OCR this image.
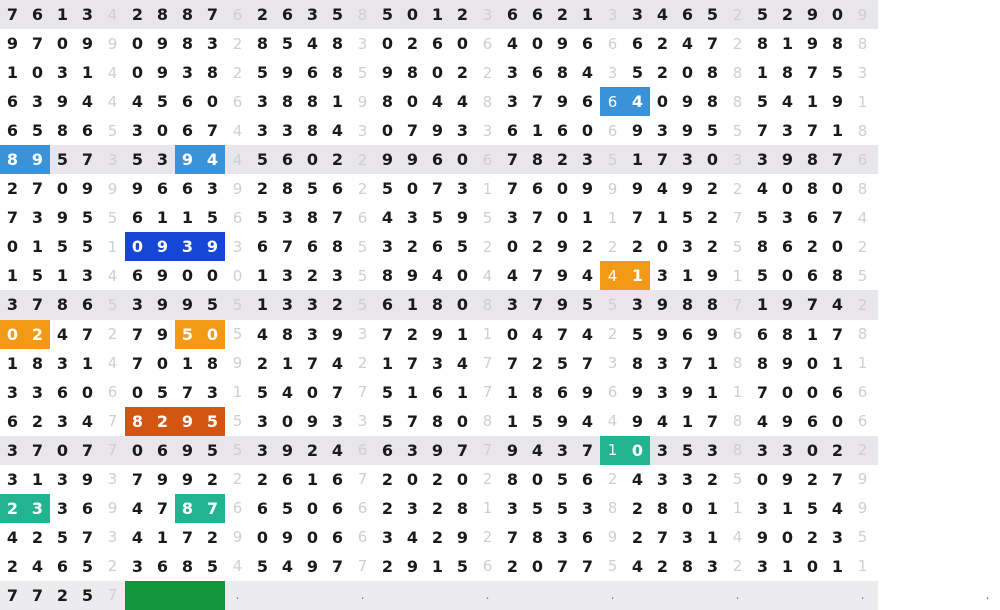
7 6 1 3 4 2 8 8 7 6 2 6 3 5 8 5 0 1 2 3 6 6 2 1 3 3 4 6 5 2 5 2 9 0 9
9 7 0 9 9 0 9 8 3 2 8 5 4 8 3 0 2 6 0 6 4 0 9 6 6 6 2 4 7 2 8 1 9 8 8
1 0 3 1 4 0 9 3 8 2 5 9 6 8 5 9 8 0 2 2 3 6 8 4 3 5 2 0 8 8 1 8 7 5 3
6 3 9 4 4 4 5 6 0 6 3 8 8 1 9 8 0 4 4 8 3 7 9 6 6 4 0 9 8 8 5 4 1 9 1
6 5 8 6 5 3 0 6 7 4 3 3 8 4 3 0 7 9 3 3 6 1 6 0 6 9 3 9 5 5 7 3 7 1 8
8 9 5 7 3 5 3 9 4 4 5 6 0 2 2 9 9 6 0 6 7 8 2 3 5 1 7 3 0 3 3 9 8 7 6
2 7 0 9 9 9 6 6 3 9 2 8 5 6 2 5 0 7 3 1 7 6 0 9 9 9 4 9 2 2 4 0 8 0 8
7 3 9 5 5 6 1 1 5 6 5 3 8 7 6 4 3 5 9 5 3 7 0 1 1 7 1 5 2 7 5 3 6 7 4
0 1 5 5 1 0 9 3 9 3 6 7 6 8 5 3 2 6 5 2 0 2 9 2 2 2 0 3 2 5 8 6 2 0 2
1 5 1 3 4 6 9 0 0 0 1 3 2 3 5 8 9 4 0 4 4 7 9 4 4 1 3 1 9 1 5 0 6 8 5
3 7 8 6 5 3 9 9 5 5 1 3 3 2 5 6 1 8 0 8 3 7 9 5 5 3 9 8 8 7 1 9 7 4 2
0 2 4 7 2 7 9 5 0 5 4 8 3 9 3 7 2 9 1 1 0 4 7 4 2 5 9 6 9 6 6 8 1 7 8
1 8 3 1 4 7 0 1 8 9 2 1 7 4 2 1 7 3 4 7 7 2 5 7 3 8 3 7 1 8 8 9 0 1 1
3 3 6 0 6 0 5 7 3 1 5 4 0 7 7 5 1 6 1 7 1 8 6 9 6 9 3 9 1 1 7 0 0 6 6
6 2 3 4 7 8 2 9 5 5 3 0 9 3 3 5 7 8 0 8 1 5 9 4 4 9 4 1 7 8 4 9 6 0 6
3 7 0 7 7 0 6 9 5 5 3 9 2 4 6 6 3 9 7 7 9 4 3 7 1 0 3 5 3 8 3 3 0 2 2
3 1 3 9 3 7 9 9 2 2 2 6 1 6 7 2 0 2 0 2 8 0 5 6 2 4 3 3 2 5 0 9 2 7 9
2 3 3 6 9 4 7 8 7 6 6 5 0 6 6 2 3 2 8 1 3 5 5 3 8 2 8 0 1 1 3 1 5 4 9
4 2 5 7 3 4 1 7 2 9 0 9 0 6 6 3 4 2 9 2 7 8 3 6 9 2 7 3 1 4 9 0 2 3 5
2 4 6 5 2 3 6 8 5 4 5 4 9 7 7 2 9 1 5 6 2 0 7 7 5 4 2 8 3 2 3 1 0 1 1
7 7 2 5 7	.	.	.	.	.	.	.
